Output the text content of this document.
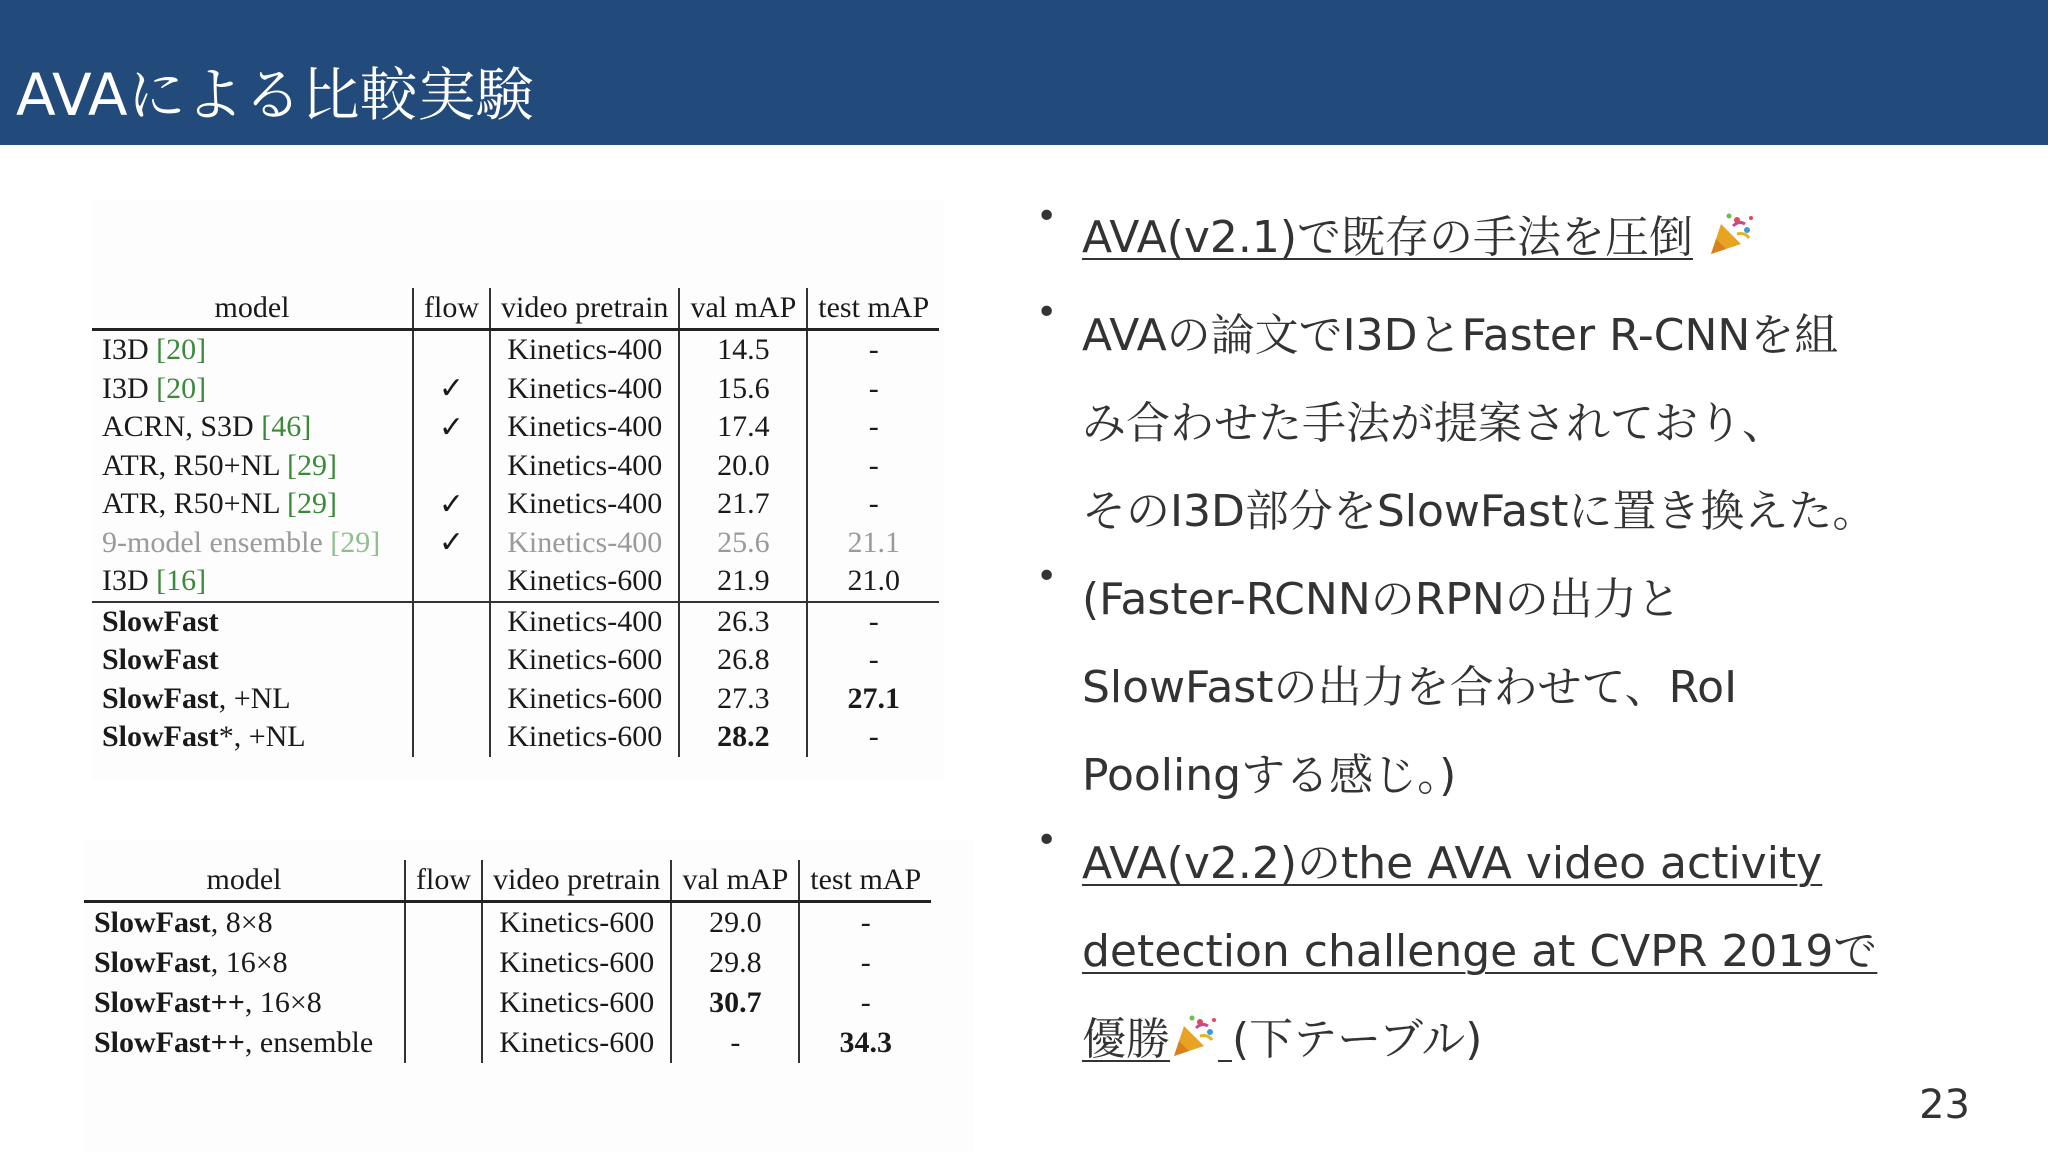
AVAによる比較実験
model	flow	video pretrain	val mAP	test mAP
I3D [20]		Kinetics-400	14.5	-
I3D [20]	✓	Kinetics-400	15.6	-
ACRN, S3D [46]	✓	Kinetics-400	17.4	-
ATR, R50+NL [29]		Kinetics-400	20.0	-
ATR, R50+NL [29]	✓	Kinetics-400	21.7	-
9-model ensemble [29]	✓	Kinetics-400	25.6	21.1
I3D [16]		Kinetics-600	21.9	21.0
SlowFast		Kinetics-400	26.3	-
SlowFast		Kinetics-600	26.8	-
SlowFast, +NL		Kinetics-600	27.3	27.1
SlowFast*, +NL		Kinetics-600	28.2	-
model	flow	video pretrain	val mAP	test mAP
SlowFast, 8×8		Kinetics-600	29.0	-
SlowFast, 16×8		Kinetics-600	29.8	-
SlowFast++, 16×8		Kinetics-600	30.7	-
SlowFast++, ensemble		Kinetics-600	-	34.3
• AVA(v2.1)で既存の手法を圧倒
• AVAの論文でI3DとFaster R-CNNを組
み合わせた手法が提案されており、
そのI3D部分をSlowFastに置き換えた。
• (Faster-RCNNのRPNの出力と
SlowFastの出力を合わせて、RoI
Poolingする感じ。)
• AVA(v2.2)のthe AVA video activity
detection challenge at CVPR 2019で
優勝 (下テーブル)
23
